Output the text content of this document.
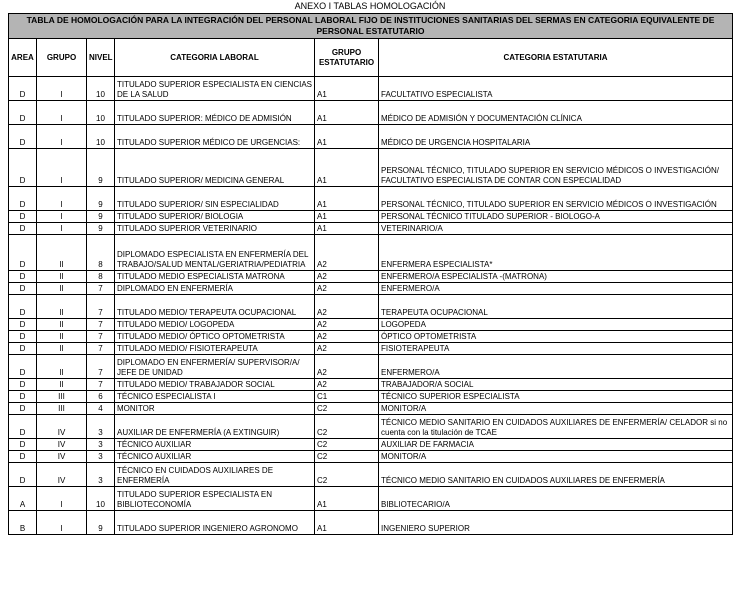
ANEXO I TABLAS HOMOLOGACIÓN
TABLA DE HOMOLOGACIÓN PARA LA INTEGRACIÓN DEL PERSONAL LABORAL FIJO DE INSTITUCIONES SANITARIAS DEL SERMAS EN CATEGORIA EQUIVALENTE DE PERSONAL ESTATUTARIO					
AREA	GRUPO	NIVEL	CATEGORIA LABORAL	GRUPO ESTATUTARIO	CATEGORIA ESTATUTARIA
D	I	10	TITULADO SUPERIOR ESPECIALISTA EN CIENCIAS DE LA SALUD	A1	FACULTATIVO ESPECIALISTA
D	I	10	TITULADO SUPERIOR: MÉDICO DE ADMISIÓN	A1	MÉDICO DE ADMISIÓN Y DOCUMENTACIÓN CLÍNICA
D	I	10	TITULADO SUPERIOR MÉDICO DE URGENCIAS:	A1	MÉDICO DE URGENCIA HOSPITALARIA
D	I	9	TITULADO SUPERIOR/ MEDICINA GENERAL	A1	PERSONAL TÉCNICO, TITULADO SUPERIOR EN SERVICIO MÉDICOS O INVESTIGACIÓN/ FACULTATIVO ESPECIALISTA DE CONTAR CON ESPECIALIDAD
D	I	9	TITULADO SUPERIOR/ SIN ESPECIALIDAD	A1	PERSONAL TÉCNICO, TITULADO SUPERIOR EN SERVICIO MÉDICOS O INVESTIGACIÓN
D	I	9	TITULADO SUPERIOR/ BIOLOGIA	A1	PERSONAL TÉCNICO TITULADO SUPERIOR - BIOLOGO-A
D	I	9	TITULADO SUPERIOR VETERINARIO	A1	VETERINARIO/A
D	II	8	DIPLOMADO ESPECIALISTA EN ENFERMERÍA DEL TRABAJO/SALUD MENTAL/GERIATRIA/PEDIATRIA	A2	ENFERMERA ESPECIALISTA*
D	II	8	TITULADO MEDIO ESPECIALISTA MATRONA	A2	ENFERMERO/A ESPECIALISTA -(MATRONA)
D	II	7	DIPLOMADO EN ENFERMERÍA	A2	ENFERMERO/A
D	II	7	TITULADO MEDIO/ TERAPEUTA OCUPACIONAL	A2	TERAPEUTA OCUPACIONAL
D	II	7	TITULADO MEDIO/ LOGOPEDA	A2	LOGOPEDA
D	II	7	TITULADO MEDIO/ ÓPTICO OPTOMETRISTA	A2	ÓPTICO OPTOMETRISTA
D	II	7	TITULADO MEDIO/ FISIOTERAPEUTA	A2	FISIOTERAPEUTA
D	II	7	DIPLOMADO EN ENFERMERÍA/ SUPERVISOR/A/ JEFE DE UNIDAD	A2	ENFERMERO/A
D	II	7	TITULADO MEDIO/ TRABAJADOR SOCIAL	A2	TRABAJADOR/A SOCIAL
D	III	6	TÉCNICO ESPECIALISTA I	C1	TÉCNICO SUPERIOR ESPECIALISTA
D	III	4	MONITOR	C2	MONITOR/A
D	IV	3	AUXILIAR DE ENFERMERÍA (A EXTINGUIR)	C2	TÉCNICO MEDIO SANITARIO EN CUIDADOS AUXILIARES DE ENFERMERÍA/ CELADOR si no cuenta con la titulación de TCAE
D	IV	3	TÉCNICO AUXILIAR	C2	AUXILIAR DE FARMACIA
D	IV	3	TÉCNICO AUXILIAR	C2	MONITOR/A
D	IV	3	TÉCNICO EN CUIDADOS AUXILIARES DE ENFERMERÍA	C2	TÉCNICO MEDIO SANITARIO EN CUIDADOS AUXILIARES DE ENFERMERÍA
A	I	10	TITULADO SUPERIOR ESPECIALISTA EN BIBLIOTECONOMÍA	A1	BIBLIOTECARIO/A
B	I	9	TITULADO SUPERIOR INGENIERO AGRONOMO	A1	INGENIERO SUPERIOR
